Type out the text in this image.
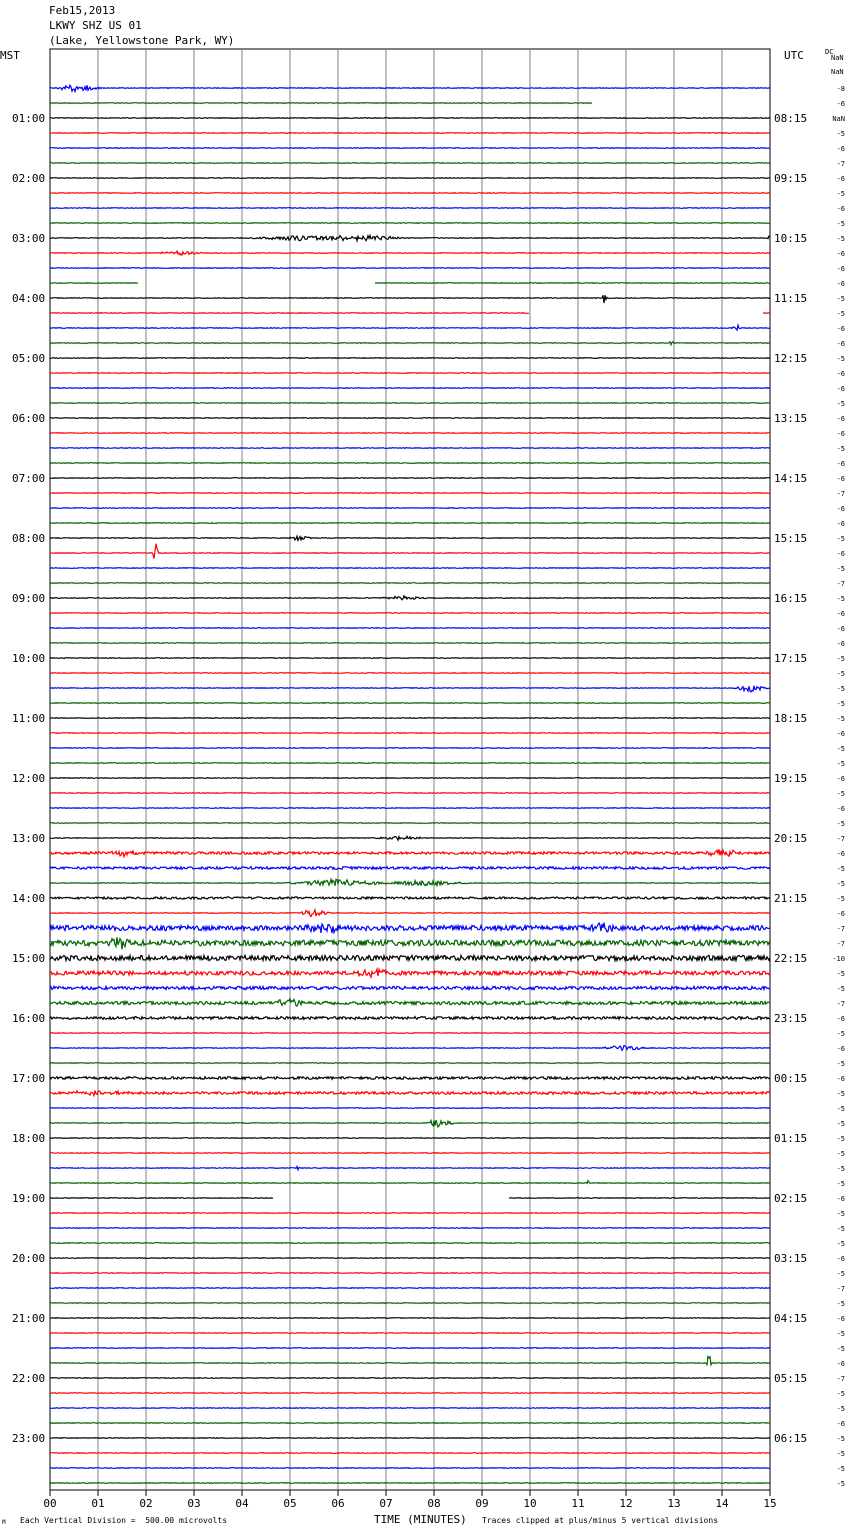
Feb15,2013
LKWY SHZ US 01
(Lake, Yellowstone Park, WY)
MST	UTC	DC
NaN
NaN
00	01	02	03	04	05	06	07	08	09	10	11	12	13	14	15
-8
-6
NaN
-5
-6
-7
-6
-5
-6
-5
-5
-6
-6
-6
-5
-5
-6
-6
-5
-6
-6
-5
-6
-6
-5
-6
-6
-7
-6
-6
-5
-6
-5
-7
-5
-6
-6
-6
-5
-5
-5
-5
-5
-6
-5
-5
-6
-5
-6
-5
-7
-6
-5
-5
-5
-6
-7
-7
-10
-5
-5
-7
-6
-5
-6
-5
-6
-5
-5
-5
-5
-5
-5
-5
-6
-5
-5
-5
-6
-5
-7
-5
-6
-5
-5
-6
-7
-5
-5
-6
-5
-5
-5
-5
01:00
02:00
03:00
04:00
05:00
06:00
07:00
08:00
09:00
10:00
11:00
12:00
13:00
14:00
15:00
16:00
17:00
18:00
19:00
20:00
21:00
22:00
23:00
08:15
09:15
10:15
11:15
12:15
13:15
14:15
15:15
16:15
17:15
18:15
19:15
20:15
21:15
22:15
23:15
00:15
01:15
02:15
03:15
04:15
05:15
06:15
TIME (MINUTES)
Each Vertical Division =  500.00 microvolts	Traces clipped at plus/minus 5 vertical divisions
M
